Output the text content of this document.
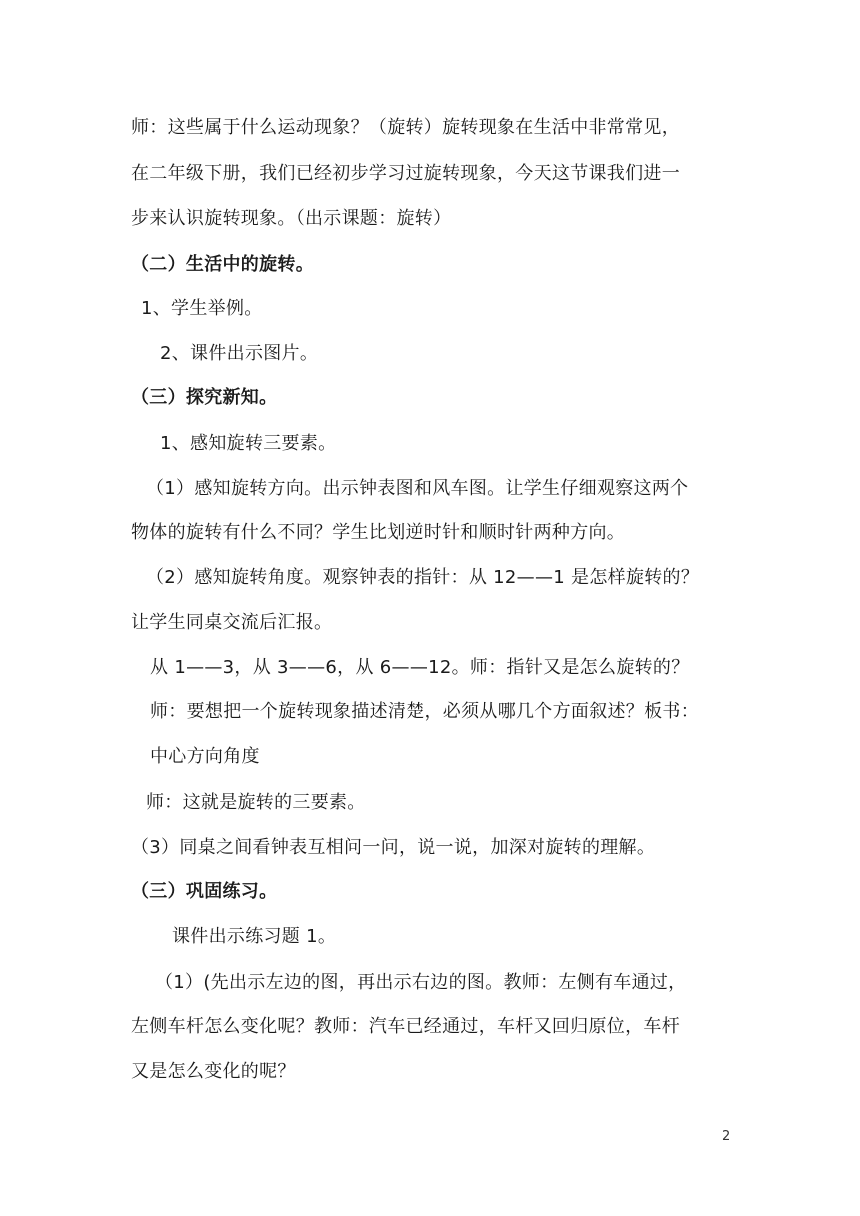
师：这些属于什么运动现象？（旋转）旋转现象在生活中非常常见，
在二年级下册，我们已经初步学习过旋转现象，今天这节课我们进一
步来认识旋转现象。（出示课题：旋转）
（二）生活中的旋转。
1、学生举例。
2、课件出示图片。
（三）探究新知。
1、感知旋转三要素。
（1）感知旋转方向。出示钟表图和风车图。让学生仔细观察这两个
物体的旋转有什么不同？学生比划逆时针和顺时针两种方向。
（2）感知旋转角度。观察钟表的指针：从 12——1 是怎样旋转的？
让学生同桌交流后汇报。
从 1——3，从 3——6，从 6——12。师：指针又是怎么旋转的？
师：要想把一个旋转现象描述清楚，必须从哪几个方面叙述？板书：
中心方向角度
师：这就是旋转的三要素。
（3）同桌之间看钟表互相问一问，说一说，加深对旋转的理解。
（三）巩固练习。
课件出示练习题 1。
（1）(先出示左边的图，再出示右边的图。教师：左侧有车通过，
左侧车杆怎么变化呢？教师：汽车已经通过，车杆又回归原位，车杆
又是怎么变化的呢？
2
